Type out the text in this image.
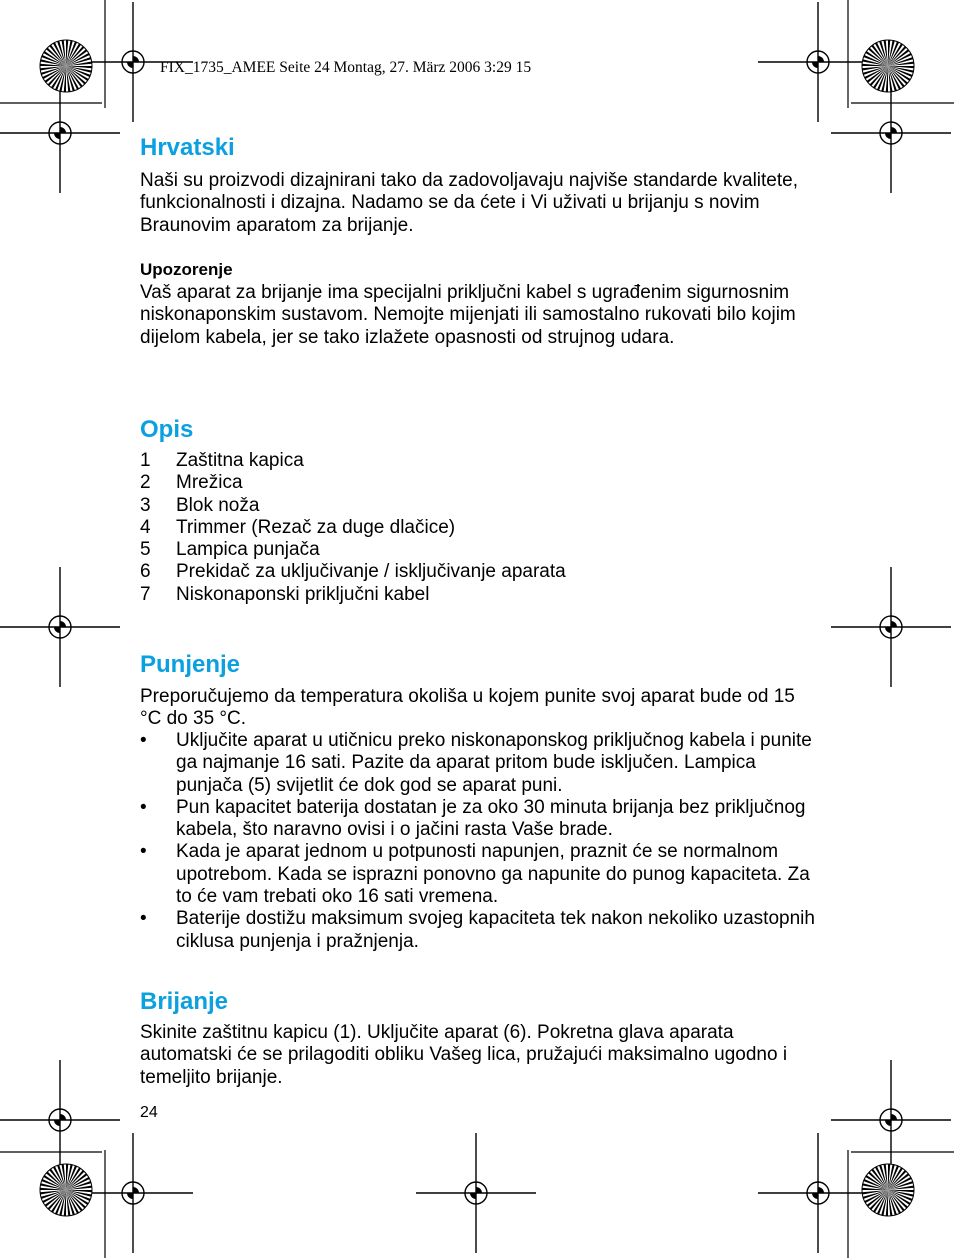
FIX_1735_AMEE Seite 24 Montag, 27. März 2006 3:29 15
Hrvatski

Naši su proizvodi dizajnirani tako da zadovoljavaju najviše standarde kvalitete, funkcionalnosti i dizajna. Nadamo se da ćete i Vi uživati u brijanju s novim Braunovim aparatom za brijanje.

Upozorenje

Vaš aparat za brijanje ima specijalni priključni kabel s ugrađenim sigurnosnim niskonaponskim sustavom. Nemojte mijenjati ili samostalno rukovati bilo kojim dijelom kabela, jer se tako izlažete opasnosti od strujnog udara.

Opis
1 Zaštitna kapica
2 Mrežica
3 Blok noža
4 Trimmer (Rezač za duge dlačice)
5 Lampica punjača
6 Prekidač za uključivanje / isključivanje aparata
7 Niskonaponski priključni kabel
Punjenje

Preporučujemo da temperatura okoliša u kojem punite svoj aparat bude od 15 °C do 35 °C.

• Uključite aparat u utičnicu preko niskonaponskog priključnog kabela i punite ga najmanje 16 sati. Pazite da aparat pritom bude isključen. Lampica punjača (5) svijetlit će dok god se aparat puni.
• Pun kapacitet baterija dostatan je za oko 30 minuta brijanja bez priključnog kabela, što naravno ovisi i o jačini rasta Vaše brade.
• Kada je aparat jednom u potpunosti napunjen, praznit će se normalnom upotrebom. Kada se isprazni ponovno ga napunite do punog kapaciteta. Za to će vam trebati oko 16 sati vremena.
• Baterije dostižu maksimum svojeg kapaciteta tek nakon nekoliko uzastopnih ciklusa punjenja i pražnjenja.
Brijanje

Skinite zaštitnu kapicu (1). Uključite aparat (6). Pokretna glava aparata automatski će se prilagoditi obliku Vašeg lica, pružajući maksimalno ugodno i temeljito brijanje.

24
